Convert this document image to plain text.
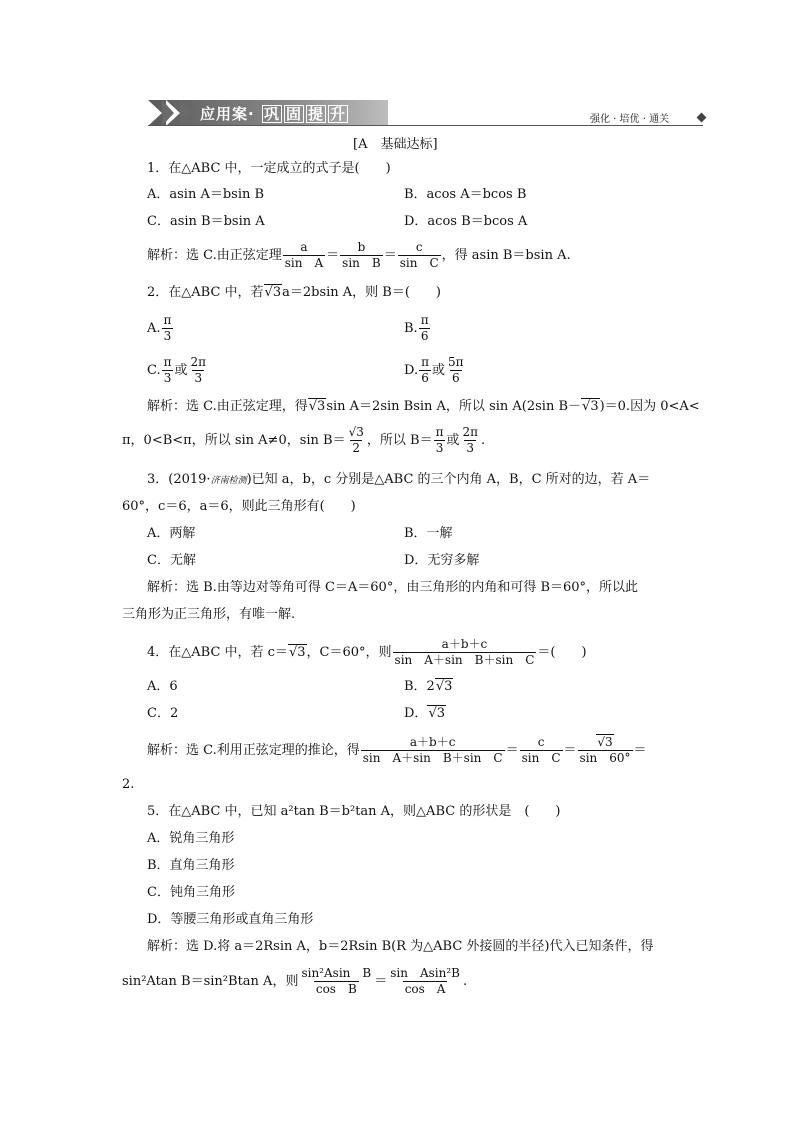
应用案· 巩 固 提 升	强化 · 培优 · 通关
[A　基础达标]
1．在△ABC 中，一定成立的式子是(　　)
A．asin A＝bsin B	B．acos A＝bcos B
C．asin B＝bsin A	D．acos B＝bcos A
解析：选 C.由正弦定理 $\frac{a}{\text{sin　A}} = \frac{b}{\text{sin　B}} = \frac{c}{\text{sin　C}}$ ，得 asin B＝bsin A.
2．在△ABC 中，若 √ 3a＝2bsin A，则 B＝(　　)
A. $\frac{\pi}{3}$	B. $\frac{\pi}{6}$
C. $\frac{\pi}{3}$ 或 $\frac{2\pi}{3}$	D. $\frac{\pi}{6}$ 或 $\frac{5\pi}{6}$
解析：选 C.由正弦定理，得 √ 3sin A＝2sin Bsin A，所以 sin A(2sin B－ √ 3)＝0.因为 0<A<
π，0<B<π，所以 sin A≠0，$\sin B= \frac{√3}{2}$ ，所以 $B= \frac{\pi}{3}$ 或 $\frac{2\pi}{3}$ .
3．(2019·济南检测)已知 a，b，c 分别是△ABC 的三个内角 A，B，C 所对的边，若 A＝
60°，c＝6，a＝6，则此三角形有(　　)
A．两解	B．一解
C．无解	D．无穷多解
解析：选 B.由等边对等角可得 C＝A＝60°，由三角形的内角和可得 B＝60°，所以此
三角形为正三角形，有唯一解.
4．在△ABC 中，若 c＝ √ 3，C＝60°，则 $\frac{a+b+c}{\text{sin　A＋sin　B＋sin　C}}$ ＝(　　)
A．6	B．2 √ 3
C．2	D． √ 3
解析：选 C.利用正弦定理的推论，得 $\frac{a+b+c}{\text{sin　A＋sin　B＋sin　C}} = \frac{c}{\text{sin　C}}$ ＝ √ $\frac{3}{\sin 60^\circ}$ ＝
2.
5．在△ABC 中，已知 a²tan B＝b²tan A，则△ABC 的形状是　(　　)
A．锐角三角形
B．直角三角形
C．钝角三角形
D．等腰三角形或直角三角形
解析：选 D.将 a＝2Rsin A，b＝2Rsin B(R 为△ABC 外接圆的半径)代入已知条件，得
sin²Atan B＝sin²Btan A，则 $\frac{\text{sin²Asin　B}}{\text{cos　B}} = \frac{\text{sin　Asin²B}}{\text{cos　A}}$ .
